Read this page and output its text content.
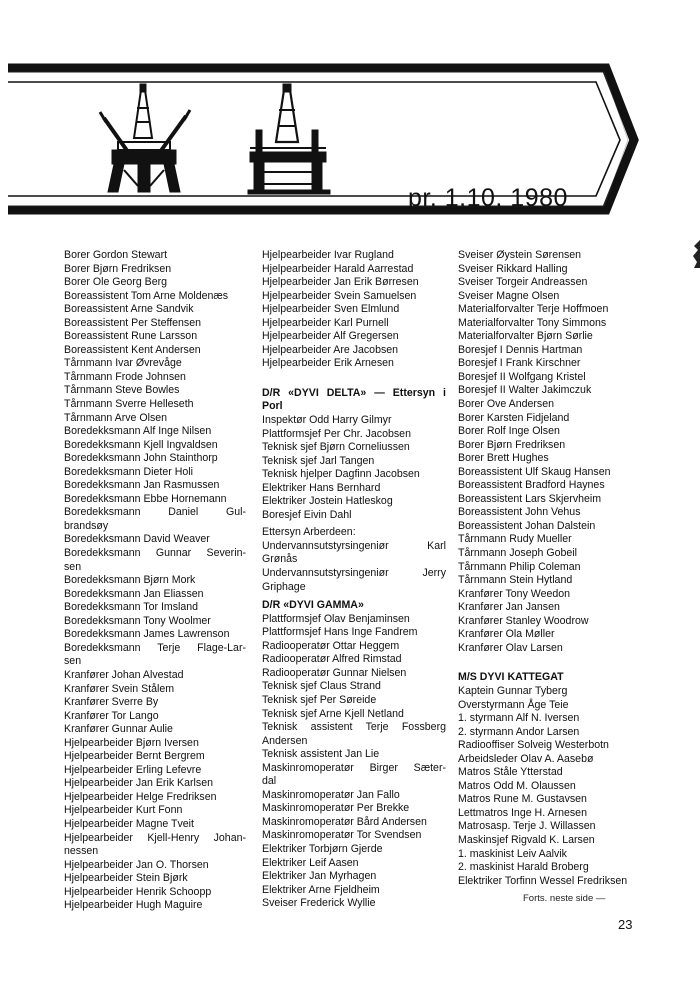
pr. 1.10. 1980
Borer Gordon Stewart
Borer Bjørn Fredriksen
Borer Ole Georg Berg
Boreassistent Tom Arne Moldenæs
Boreassistent Arne Sandvik
Boreassistent Per Steffensen
Boreassistent Rune Larsson
Boreassistent Kent Andersen
Tårnmann Ivar Øvrevåge
Tårnmann Frode Johnsen
Tårnmann Steve Bowles
Tårnmann Sverre Helleseth
Tårnmann Arve Olsen
Boredekksmann Alf Inge Nilsen
Boredekksmann Kjell Ingvaldsen
Boredekksmann John Stainthorp
Boredekksmann Dieter Holi
Boredekksmann Jan Rasmussen
Boredekksmann Ebbe Hornemann
Boredekksmann Daniel Gul-
brandsøy
Boredekksmann David Weaver
Boredekksmann Gunnar Severin-
sen
Boredekksmann Bjørn Mork
Boredekksmann Jan Eliassen
Boredekksmann Tor Imsland
Boredekksmann Tony Woolmer
Boredekksmann James Lawrenson
Boredekksmann Terje Flage-Lar-
sen
Kranfører Johan Alvestad
Kranfører Svein Stålem
Kranfører Sverre By
Kranfører Tor Lango
Kranfører Gunnar Aulie
Hjelpearbeider Bjørn Iversen
Hjelpearbeider Bernt Bergrem
Hjelpearbeider Erling Lefevre
Hjelpearbeider Jan Erik Karlsen
Hjelpearbeider Helge Fredriksen
Hjelpearbeider Kurt Fonn
Hjelpearbeider Magne Tveit
Hjelpearbeider Kjell-Henry Johan-
nessen
Hjelpearbeider Jan O. Thorsen
Hjelpearbeider Stein Bjørk
Hjelpearbeider Henrik Schoopp
Hjelpearbeider Hugh Maguire
Hjelpearbeider Ivar Rugland
Hjelpearbeider Harald Aarrestad
Hjelpearbeider Jan Erik Børresen
Hjelpearbeider Svein Samuelsen
Hjelpearbeider Sven Elmlund
Hjelpearbeider Karl Purnell
Hjelpearbeider Alf Gregersen
Hjelpearbeider Are Jacobsen
Hjelpearbeider Erik Arnesen
D/R «DYVI DELTA» — Ettersyn i
Porl
Inspektør Odd Harry Gilmyr
Plattformsjef Per Chr. Jacobsen
Teknisk sjef Bjørn Corneliussen
Teknisk sjef Jarl Tangen
Teknisk hjelper Dagfinn Jacobsen
Elektriker Hans Bernhard
Elektriker Jostein Hatleskog
Boresjef Eivin Dahl
Ettersyn Arberdeen:
Undervannsutstyrsingeniør Karl
Grønås
Undervannsutstyrsingeniør Jerry
Griphage
D/R «DYVI GAMMA»
Plattformsjef Olav Benjaminsen
Plattformsjef Hans Inge Fandrem
Radiooperatør Ottar Heggem
Radiooperatør Alfred Rimstad
Radiooperatør Gunnar Nielsen
Teknisk sjef Claus Strand
Teknisk sjef Per Søreide
Teknisk sjef Arne Kjell Netland
Teknisk assistent Terje Fossberg
Andersen
Teknisk assistent Jan Lie
Maskinromoperatør Birger Sæter-
dal
Maskinromoperatør Jan Fallo
Maskinromoperatør Per Brekke
Maskinromoperatør Bård Andersen
Maskinromoperatør Tor Svendsen
Elektriker Torbjørn Gjerde
Elektriker Leif Aasen
Elektriker Jan Myrhagen
Elektriker Arne Fjeldheim
Sveiser Frederick Wyllie
Sveiser Øystein Sørensen
Sveiser Rikkard Halling
Sveiser Torgeir Andreassen
Sveiser Magne Olsen
Materialforvalter Terje Hoffmoen
Materialforvalter Tony Simmons
Materialforvalter Bjørn Sørlie
Boresjef I Dennis Hartman
Boresjef I Frank Kirschner
Boresjef II Wolfgang Kristel
Boresjef II Walter Jakimczuk
Borer Ove Andersen
Borer Karsten Fidjeland
Borer Rolf Inge Olsen
Borer Bjørn Fredriksen
Borer Brett Hughes
Boreassistent Ulf Skaug Hansen
Boreassistent Bradford Haynes
Boreassistent Lars Skjervheim
Boreassistent John Vehus
Boreassistent Johan Dalstein
Tårnmann Rudy Mueller
Tårnmann Joseph Gobeil
Tårnmann Philip Coleman
Tårnmann Stein Hytland
Kranfører Tony Weedon
Kranfører Jan Jansen
Kranfører Stanley Woodrow
Kranfører Ola Møller
Kranfører Olav Larsen
M/S DYVI KATTEGAT
Kaptein Gunnar Tyberg
Overstyrmann Åge Teie
1. styrmann Alf N. Iversen
2. styrmann Andor Larsen
Radiooffiser Solveig Westerbotn
Arbeidsleder Olav A. Aasebø
Matros Ståle Ytterstad
Matros Odd M. Olaussen
Matros Rune M. Gustavsen
Lettmatros Inge H. Arnesen
Matrosasp. Terje J. Willassen
Maskinsjef Rigvald K. Larsen
1. maskinist Leiv Aalvik
2. maskinist Harald Broberg
Elektriker Torfinn Wessel Fredriksen
Forts. neste side —
23
